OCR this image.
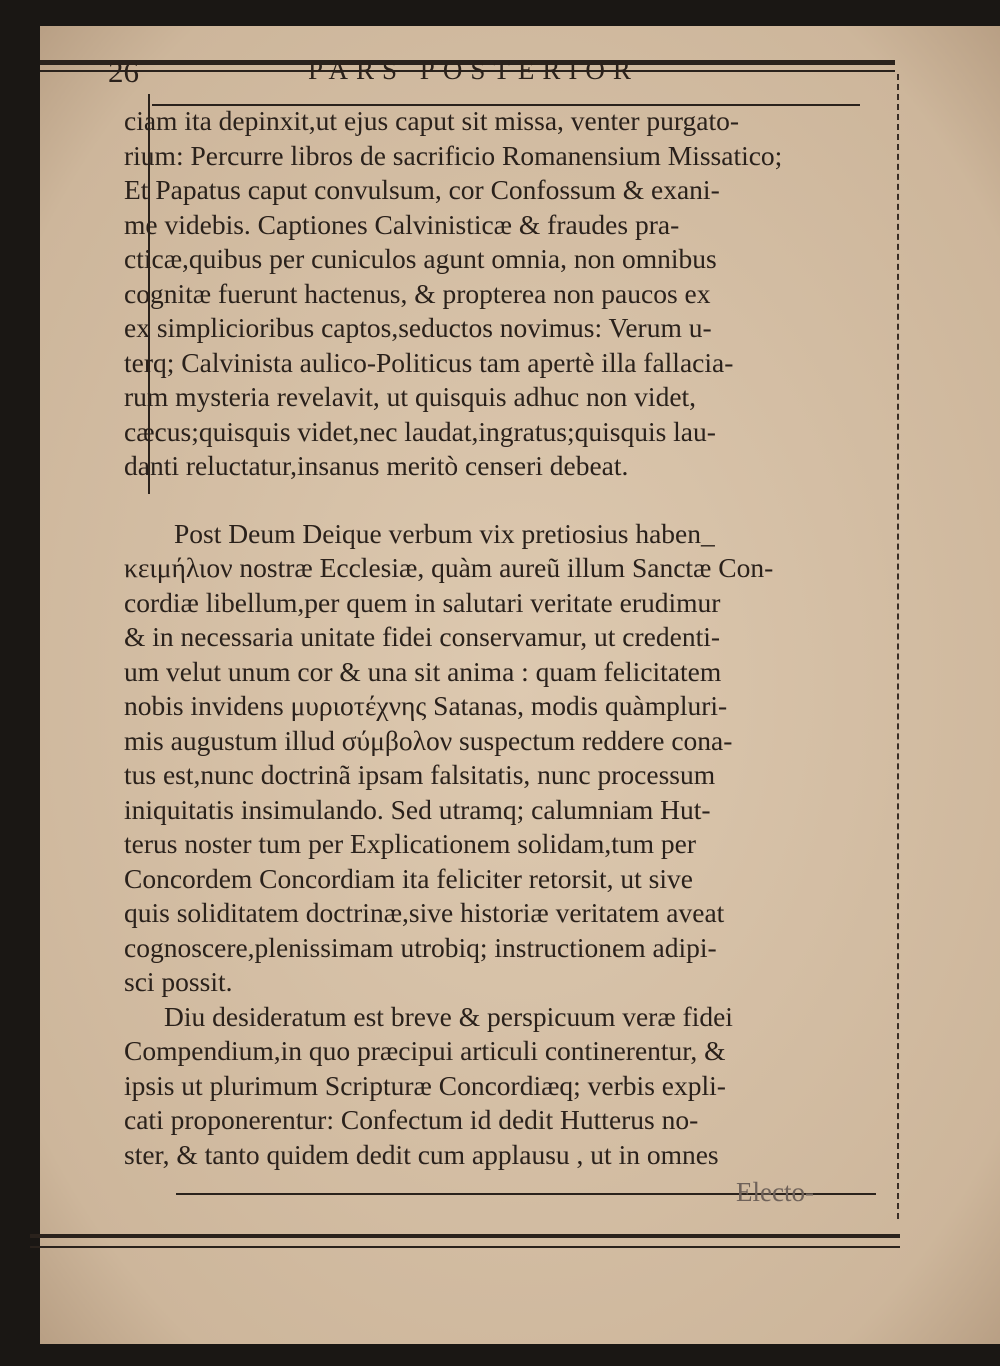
26	PARS POSTERIOR
ciam ita depinxit,ut ejus caput sit missa, venter purgato-
rium: Percurre libros de sacrificio Romanensium Missatico;
Et Papatus caput convulsum, cor Confossum & exani-
me videbis. Captiones Calvinisticæ & fraudes pra-
cticæ,quibus per cuniculos agunt omnia, non omnibus
cognitæ fuerunt hactenus, & propterea non paucos ex
ex simplicioribus captos,seductos novimus: Verum u-
terq; Calvinista aulico-Politicus tam apertè illa fallacia-
rum mysteria revelavit, ut quisquis adhuc non videt,
cæcus;quisquis videt,nec laudat,ingratus;quisquis lau-
danti reluctatur,insanus meritò censeri debeat.
Post Deum Deique verbum vix pretiosius haben_
κειμήλιον nostræ Ecclesiæ, quàm aureũ illum Sanctæ Con-
cordiæ libellum,per quem in salutari veritate erudimur
& in necessaria unitate fidei conservamur, ut credenti-
um velut unum cor & una sit anima : quam felicitatem
nobis invidens μυριοτέχνης Satanas, modis quàmpluri-
mis augustum illud σύμβολον suspectum reddere cona-
tus est,nunc doctrinã ipsam falsitatis, nunc processum
iniquitatis insimulando. Sed utramq; calumniam Hut-
terus noster tum per Explicationem solidam,tum per
Concordem Concordiam ita feliciter retorsit, ut sive
quis soliditatem doctrinæ,sive historiæ veritatem aveat
cognoscere,plenissimam utrobiq; instructionem adipi-
sci possit.
Diu desideratum est breve & perspicuum veræ fidei
Compendium,in quo præcipui articuli continerentur, &
ipsis ut plurimum Scripturæ Concordiæq; verbis expli-
cati proponerentur: Confectum id dedit Hutterus no-
ster, & tanto quidem dedit cum applausu , ut in omnes
Electo-
